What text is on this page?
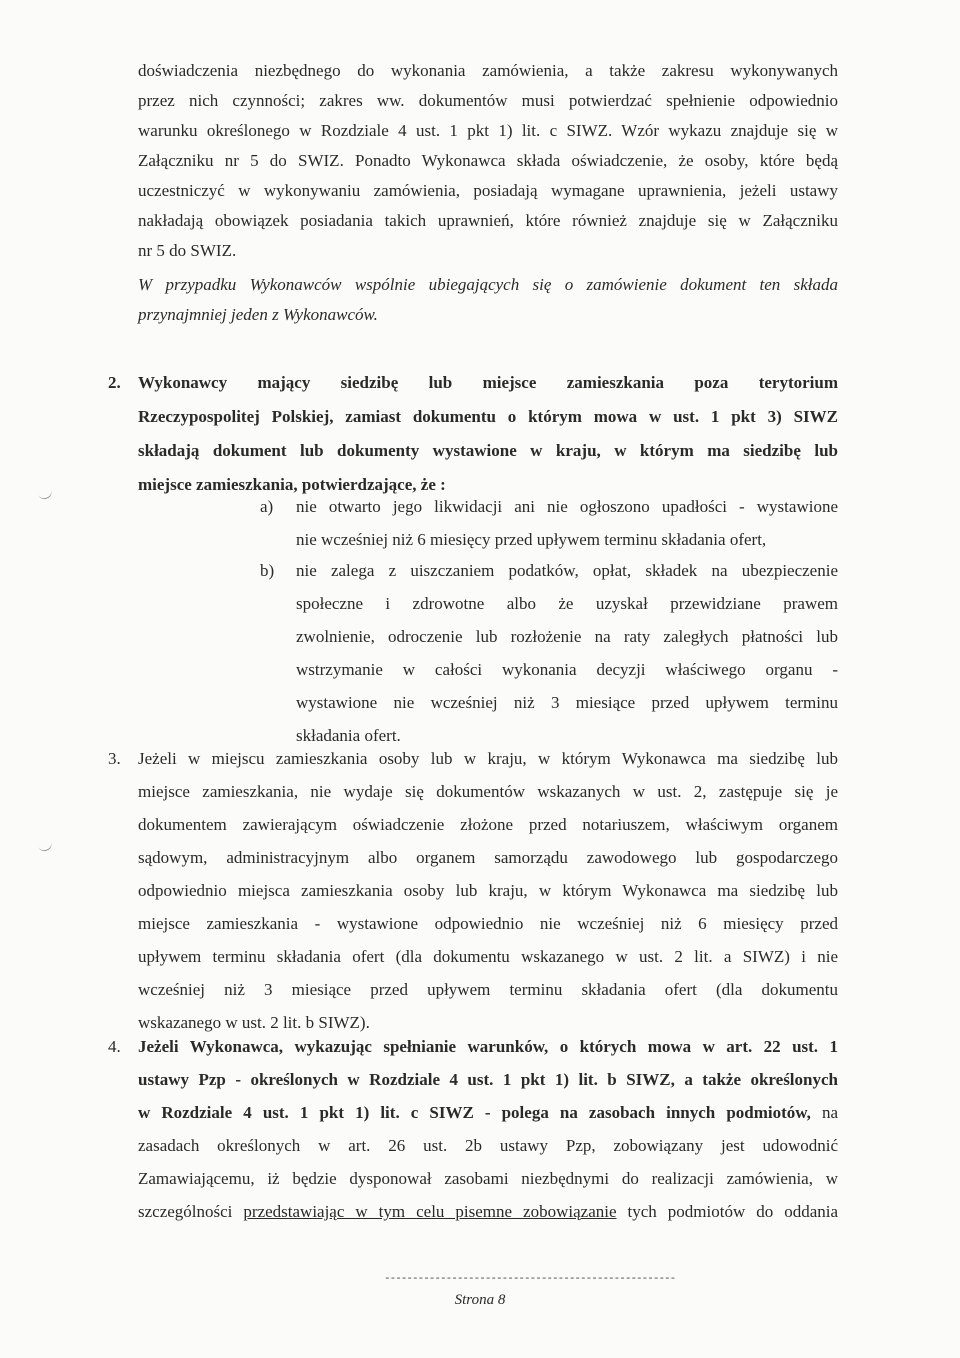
doświadczenia niezbędnego do wykonania zamówienia, a także zakresu wykonywanych
przez nich czynności; zakres ww. dokumentów musi potwierdzać spełnienie odpowiednio
warunku określonego w Rozdziale 4 ust. 1 pkt 1) lit. c SIWZ. Wzór wykazu znajduje się w
Załączniku nr 5 do SWIZ. Ponadto Wykonawca składa oświadczenie, że osoby, które będą
uczestniczyć w wykonywaniu zamówienia, posiadają wymagane uprawnienia, jeżeli ustawy
nakładają obowiązek posiadania takich uprawnień, które również znajduje się w Załączniku
nr 5 do SWIZ.
W przypadku Wykonawców wspólnie ubiegających się o zamówienie dokument ten składa
przynajmniej jeden z Wykonawców.
2. Wykonawcy mający siedzibę lub miejsce zamieszkania poza terytorium
Rzeczypospolitej Polskiej, zamiast dokumentu o którym mowa w ust. 1 pkt 3) SIWZ
składają dokument lub dokumenty wystawione w kraju, w którym ma siedzibę lub
miejsce zamieszkania, potwierdzające, że :
a) nie otwarto jego likwidacji ani nie ogłoszono upadłości - wystawione
nie wcześniej niż 6 miesięcy przed upływem terminu składania ofert,
b) nie zalega z uiszczaniem podatków, opłat, składek na ubezpieczenie
społeczne i zdrowotne albo że uzyskał przewidziane prawem
zwolnienie, odroczenie lub rozłożenie na raty zaległych płatności lub
wstrzymanie w całości wykonania decyzji właściwego organu -
wystawione nie wcześniej niż 3 miesiące przed upływem terminu
składania ofert.
3. Jeżeli w miejscu zamieszkania osoby lub w kraju, w którym Wykonawca ma siedzibę lub
miejsce zamieszkania, nie wydaje się dokumentów wskazanych w ust. 2, zastępuje się je
dokumentem zawierającym oświadczenie złożone przed notariuszem, właściwym organem
sądowym, administracyjnym albo organem samorządu zawodowego lub gospodarczego
odpowiednio miejsca zamieszkania osoby lub kraju, w którym Wykonawca ma siedzibę lub
miejsce zamieszkania - wystawione odpowiednio nie wcześniej niż 6 miesięcy przed
upływem terminu składania ofert (dla dokumentu wskazanego w ust. 2 lit. a SIWZ) i nie
wcześniej niż 3 miesiące przed upływem terminu składania ofert (dla dokumentu
wskazanego w ust. 2 lit. b SIWZ).
4. Jeżeli Wykonawca, wykazując spełnianie warunków, o których mowa w art. 22 ust. 1
ustawy Pzp - określonych w Rozdziale 4 ust. 1 pkt 1) lit. b SIWZ, a także określonych
w Rozdziale 4 ust. 1 pkt 1) lit. c SIWZ - polega na zasobach innych podmiotów, na
zasadach określonych w art. 26 ust. 2b ustawy Pzp, zobowiązany jest udowodnić
Zamawiającemu, iż będzie dysponował zasobami niezbędnymi do realizacji zamówienia, w
szczególności przedstawiając w tym celu pisemne zobowiązanie tych podmiotów do oddania
----------------------------------------------------
Strona 8
